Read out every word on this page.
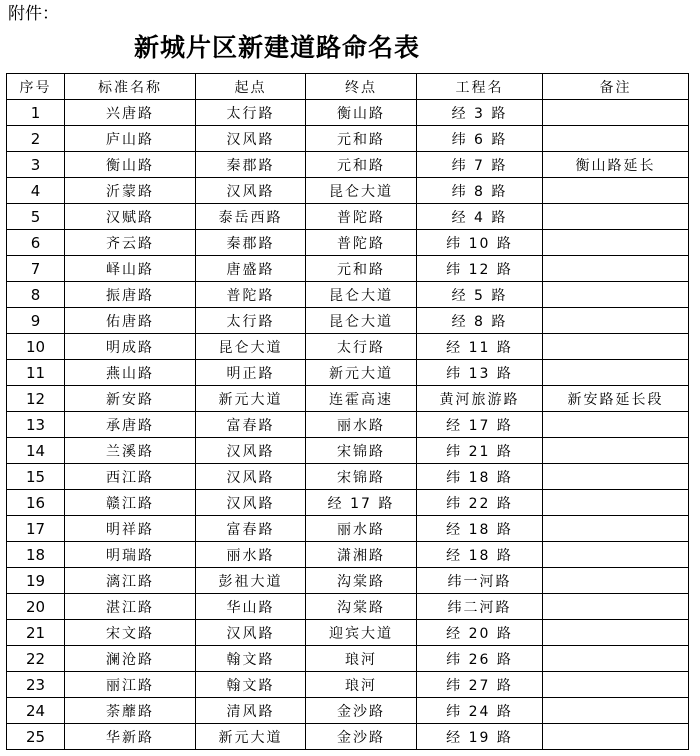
附件：
新城片区新建道路命名表
序号	标准名称	起点	终点	工程名	备注
1	兴唐路	太行路	衡山路	经 3 路	
2	庐山路	汉风路	元和路	纬 6 路	
3	衡山路	秦郡路	元和路	纬 7 路	衡山路延长
4	沂蒙路	汉风路	昆仑大道	纬 8 路	
5	汉赋路	泰岳西路	普陀路	经 4 路	
6	齐云路	秦郡路	普陀路	纬 10 路	
7	峄山路	唐盛路	元和路	纬 12 路	
8	振唐路	普陀路	昆仑大道	经 5 路	
9	佑唐路	太行路	昆仑大道	经 8 路	
10	明成路	昆仑大道	太行路	经 11 路	
11	燕山路	明正路	新元大道	纬 13 路	
12	新安路	新元大道	连霍高速	黄河旅游路	新安路延长段
13	承唐路	富春路	丽水路	经 17 路	
14	兰溪路	汉风路	宋锦路	纬 21 路	
15	西江路	汉风路	宋锦路	纬 18 路	
16	赣江路	汉风路	经 17 路	纬 22 路	
17	明祥路	富春路	丽水路	经 18 路	
18	明瑞路	丽水路	潇湘路	经 18 路	
19	漓江路	彭祖大道	沟棠路	纬一河路	
20	湛江路	华山路	沟棠路	纬二河路	
21	宋文路	汉风路	迎宾大道	经 20 路	
22	澜沧路	翰文路	琅河	纬 26 路	
23	丽江路	翰文路	琅河	纬 27 路	
24	荼蘼路	清风路	金沙路	纬 24 路	
25	华新路	新元大道	金沙路	经 19 路	
